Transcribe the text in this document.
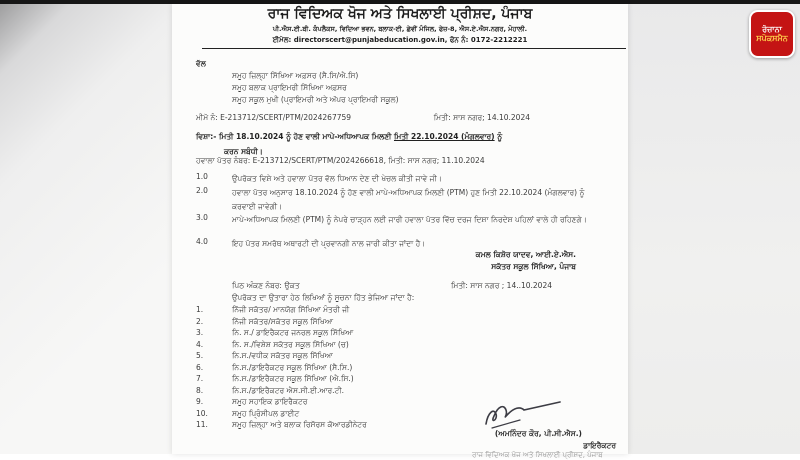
ਰੋਜ਼ਾਨਾ
ਸਪੋਕਸਮੈਨ
ਰਾਜ ਵਿਦਿਅਕ ਖੋਜ ਅਤੇ ਸਿਖਲਾਈ ਪ੍ਰੀਸ਼ਦ, ਪੰਜਾਬ
ਪੀ.ਐਸ.ਈ.ਬੀ. ਕੰਪਲੈਕਸ, ਵਿਦਿਆ ਭਵਨ, ਬਲਾਕ-ਈ, ਛੇਵੀਂ ਮੰਜਿਲ, ਫੇਜ਼-8, ਐਸ.ਏ.ਐਸ.ਨਗਰ, ਮੋਹਾਲੀ.
ਈਮੇਲ: directorscert@punjabeducation.gov.in, ਫੋਨ ਨੰ: 0172-2212221
ਵੱਲ
ਸਮੂਹ ਜ਼ਿਲ੍ਹਾ ਸਿੱਖਿਆ ਅਫ਼ਸਰ (ਸੈ.ਸਿ/ਐ.ਸਿ)
ਸਮੂਹ ਬਲਾਕ ਪ੍ਰਾਇਮਰੀ ਸਿੱਖਿਆ ਅਫ਼ਸਰ
ਸਮੂਹ ਸਕੂਲ ਮੁਖੀ (ਪ੍ਰਾਇਮਰੀ ਅਤੇ ਅੱਪਰ ਪ੍ਰਾਇਮਰੀ ਸਕੂਲ)
ਮੀਮੋ ਨੰ: E-213712/SCERT/PTM/2024267759	ਮਿਤੀ: ਸਾਸ ਨਗਰ; 14.10.2024
ਵਿਸ਼ਾ:- ਮਿਤੀ 18.10.2024 ਨੂੰ ਹੋਣ ਵਾਲੀ ਮਾਪੇ-ਅਧਿਆਪਕ ਮਿਲਣੀ ਮਿਤੀ 22.10.2024 (ਮੰਗਲਵਾਰ) ਨੂੰ
ਕਰਨ ਸਬੰਧੀ।
ਹਵਾਲਾ ਪੱਤਰ ਨੰਬਰ: E-213712/SCERT/PTM/2024266618, ਮਿਤੀ: ਸਾਸ ਨਗਰ; 11.10.2024
1.0	ਉਪਰੋਕਤ ਵਿਸ਼ੇ ਅਤੇ ਹਵਾਲਾ ਪੱਤਰ ਵੱਲ ਧਿਆਨ ਦੇਣ ਦੀ ਖੇਚਲ ਕੀਤੀ ਜਾਵੇ ਜੀ।
2.0	ਹਵਾਲਾ ਪੱਤਰ ਅਨੁਸਾਰ 18.10.2024 ਨੂੰ ਹੋਣ ਵਾਲੀ ਮਾਪੇ-ਅਧਿਆਪਕ ਮਿਲਣੀ (PTM) ਹੁਣ ਮਿਤੀ 22.10.2024 (ਮੰਗਲਵਾਰ) ਨੂੰ ਕਰਵਾਈ ਜਾਵੇਗੀ।
3.0	ਮਾਪੇ-ਅਧਿਆਪਕ ਮਿਲਣੀ (PTM) ਨੂੰ ਨੇਪਰੇ ਚਾੜ੍ਹਨ ਲਈ ਜਾਰੀ ਹਵਾਲਾ ਪੱਤਰ ਵਿੱਚ ਦਰਜ ਦਿਸ਼ਾ ਨਿਰਦੇਸ਼ ਪਹਿਲਾਂ ਵਾਲੇ ਹੀ ਰਹਿਣਗੇ।
4.0	ਇਹ ਪੱਤਰ ਸਮਰੱਥ ਅਥਾਰਟੀ ਦੀ ਪ੍ਰਵਾਨਗੀ ਨਾਲ ਜਾਰੀ ਕੀਤਾ ਜਾਂਦਾ ਹੈ।
ਕਮਲ ਕਿਸ਼ੋਰ ਯਾਦਵ, ਆਈ.ਏ.ਐਸ.
ਸਕੱਤਰ ਸਕੂਲ ਸਿੱਖਿਆ, ਪੰਜਾਬ
ਪਿਠ ਅੰਕਣ ਨੰਬਰ: ਉਕਤ	ਮਿਤੀ: ਸਾਸ ਨਗਰ ; 14..10.2024
ਉਪਰੋਕਤ ਦਾ ਉਤਾਰਾ ਹੇਠ ਲਿਖਿਆਂ ਨੂੰ ਸੂਚਨਾ ਹਿੱਤ ਭੇਜਿਆ ਜਾਂਦਾ ਹੈ:
1.	ਨਿੱਜੀ ਸਕੱਤਰ/ ਮਾਨਯੋਗ ਸਿੱਖਿਆ ਮੰਤਰੀ ਜੀ
2.	ਨਿੱਜੀ ਸਕੱਤਰ/ਸਕੱਤਰ ਸਕੂਲ ਸਿੱਖਿਆ
3.	ਨਿ. ਸ./ ਡਾਇਰੈਕਟਰ ਜਨਰਲ ਸਕੂਲ ਸਿੱਖਿਆ
4.	ਨਿ. ਸ./ਵਿਸ਼ੇਸ਼ ਸਕੱਤਰ ਸਕੂਲ ਸਿੱਖਿਆ (ਚ)
5.	ਨਿ.ਸ./ਵਧੀਕ ਸਕੱਤਰ ਸਕੂਲ ਸਿੱਖਿਆ
6.	ਨਿ.ਸ./ਡਾਇਰੈਕਟਰ ਸਕੂਲ ਸਿੱਖਿਆ (ਸੈ.ਸਿ.)
7.	ਨਿ.ਸ./ਡਾਇਰੈਕਟਰ ਸਕੂਲ ਸਿੱਖਿਆ (ਐ.ਸਿ.)
8.	ਨਿ.ਸ./ਡਾਇਰੈਕਟਰ ਐਸ.ਸੀ.ਈ.ਆਰ.ਟੀ.
9.	ਸਮੂਹ ਸਹਾਇਕ ਡਾਇਰੈਕਟਰ
10.	ਸਮੂਹ ਪ੍ਰਿੰਸੀਪਲ ਡਾਈਟ
11.	ਸਮੂਹ ਜ਼ਿਲ੍ਹਾ ਅਤੇ ਬਲਾਕ ਰਿਸੋਰਸ ਕੋਆਰਡੀਨੇਟਰ
(ਅਮਨਿੰਦਰ ਕੌਰ, ਪੀ.ਸੀ.ਐਸ.)
ਡਾਇਰੈਕਟਰ
ਰਾਜ ਵਿਦਿਅਕ ਖੋਜ ਅਤੇ ਸਿਖਲਾਈ ਪ੍ਰੀਸ਼ਦ, ਪੰਜਾਬ
